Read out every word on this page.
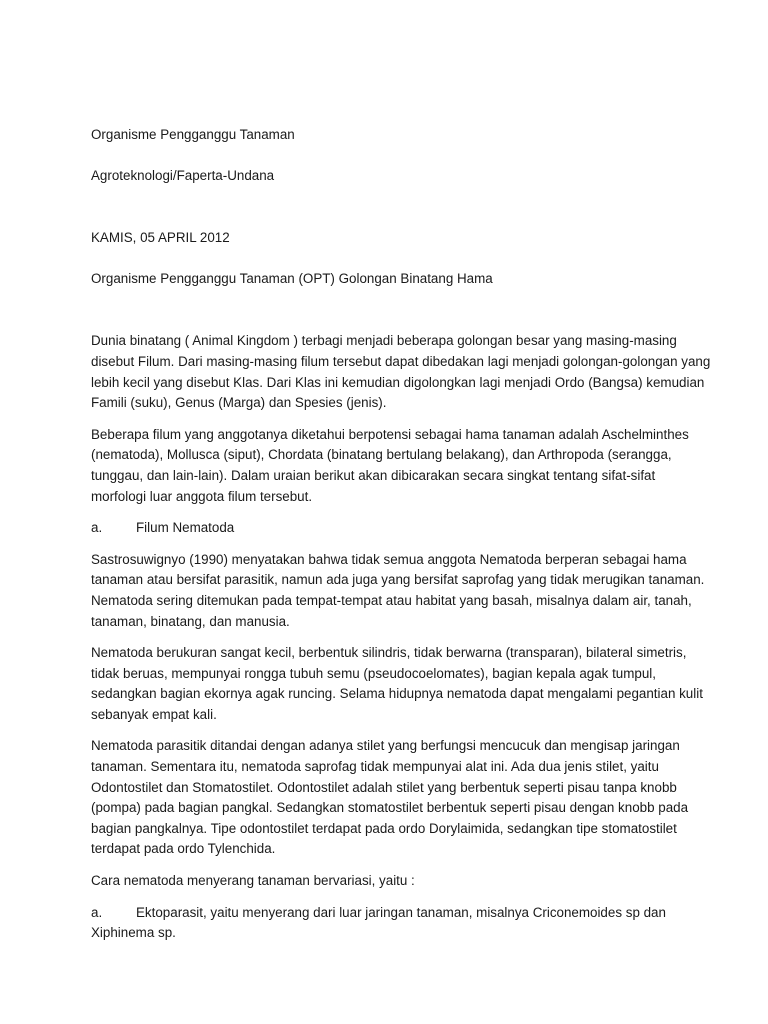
Organisme Pengganggu Tanaman

Agroteknologi/Faperta-Undana

KAMIS, 05 APRIL 2012

Organisme Pengganggu Tanaman (OPT) Golongan Binatang Hama

Dunia binatang ( Animal Kingdom ) terbagi menjadi beberapa golongan besar yang masing-masing

disebut Filum. Dari masing-masing filum tersebut dapat dibedakan lagi menjadi golongan-golongan yang

lebih kecil yang disebut Klas. Dari Klas ini kemudian digolongkan lagi menjadi Ordo (Bangsa) kemudian

Famili (suku), Genus (Marga) dan Spesies (jenis).

Beberapa filum yang anggotanya diketahui berpotensi sebagai hama tanaman adalah Aschelminthes

(nematoda), Mollusca (siput), Chordata (binatang bertulang belakang), dan Arthropoda (serangga,

tunggau, dan lain-lain). Dalam uraian berikut akan dibicarakan secara singkat tentang sifat-sifat

morfologi luar anggota filum tersebut.

a.	Filum Nematoda

Sastrosuwignyo (1990) menyatakan bahwa tidak semua anggota Nematoda berperan sebagai hama

tanaman atau bersifat parasitik, namun ada juga yang bersifat saprofag yang tidak merugikan tanaman.

Nematoda sering ditemukan pada tempat-tempat atau habitat yang basah, misalnya dalam air, tanah,

tanaman, binatang, dan manusia.

Nematoda berukuran sangat kecil, berbentuk silindris, tidak berwarna (transparan), bilateral simetris,

tidak beruas, mempunyai rongga tubuh semu (pseudocoelomates), bagian kepala agak tumpul,

sedangkan bagian ekornya agak runcing. Selama hidupnya nematoda dapat mengalami pegantian kulit

sebanyak empat kali.

Nematoda parasitik ditandai dengan adanya stilet yang berfungsi mencucuk dan mengisap jaringan

tanaman. Sementara itu, nematoda saprofag tidak mempunyai alat ini. Ada dua jenis stilet, yaitu

Odontostilet dan Stomatostilet. Odontostilet adalah stilet yang berbentuk seperti pisau tanpa knobb

(pompa) pada bagian pangkal. Sedangkan stomatostilet berbentuk seperti pisau dengan knobb pada

bagian pangkalnya. Tipe odontostilet terdapat pada ordo Dorylaimida, sedangkan tipe stomatostilet

terdapat pada ordo Tylenchida.

Cara nematoda menyerang tanaman bervariasi, yaitu :

a.	Ektoparasit, yaitu menyerang dari luar jaringan tanaman, misalnya Criconemoides sp dan

Xiphinema sp.
